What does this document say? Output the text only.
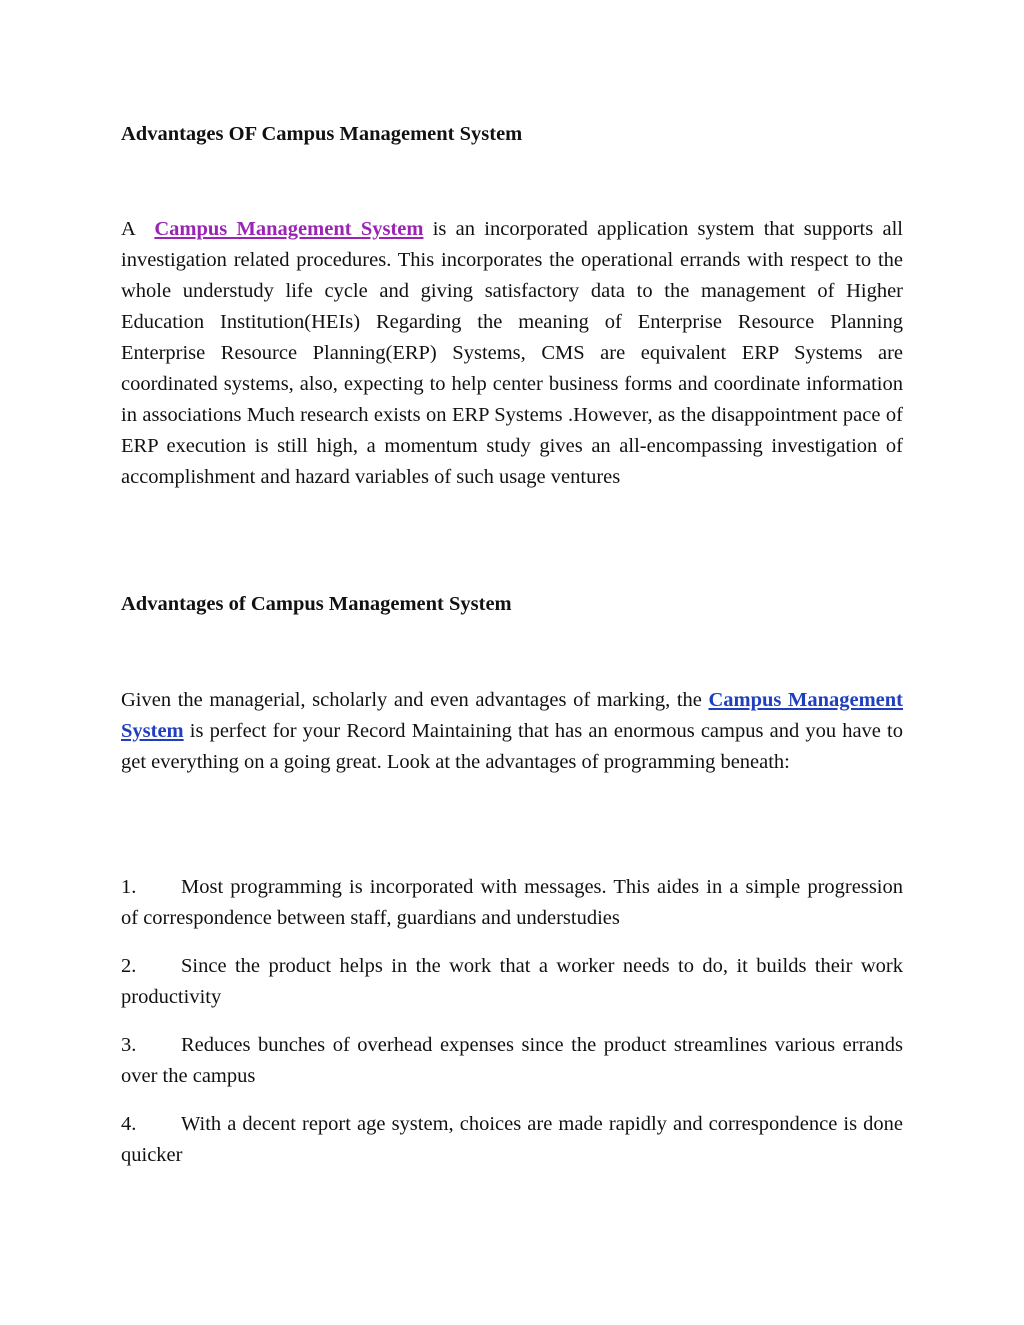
Advantages OF Campus Management System

A Campus Management System is an incorporated application system that supports all investigation related procedures. This incorporates the operational errands with respect to the whole understudy life cycle and giving satisfactory data to the management of Higher Education Institution(HEIs) Regarding the meaning of Enterprise Resource Planning Enterprise Resource Planning(ERP) Systems, CMS are equivalent ERP Systems are coordinated systems, also, expecting to help center business forms and coordinate information in associations Much research exists on ERP Systems .However, as the disappointment pace of ERP execution is still high, a momentum study gives an all-encompassing investigation of accomplishment and hazard variables of such usage ventures

Advantages of Campus Management System

Given the managerial, scholarly and even advantages of marking, the Campus Management System is perfect for your Record Maintaining that has an enormous campus and you have to get everything on a going great. Look at the advantages of programming beneath:

1. Most programming is incorporated with messages. This aides in a simple progression of correspondence between staff, guardians and understudies

2. Since the product helps in the work that a worker needs to do, it builds their work productivity

3. Reduces bunches of overhead expenses since the product streamlines various errands over the campus

4. With a decent report age system, choices are made rapidly and correspondence is done quicker
